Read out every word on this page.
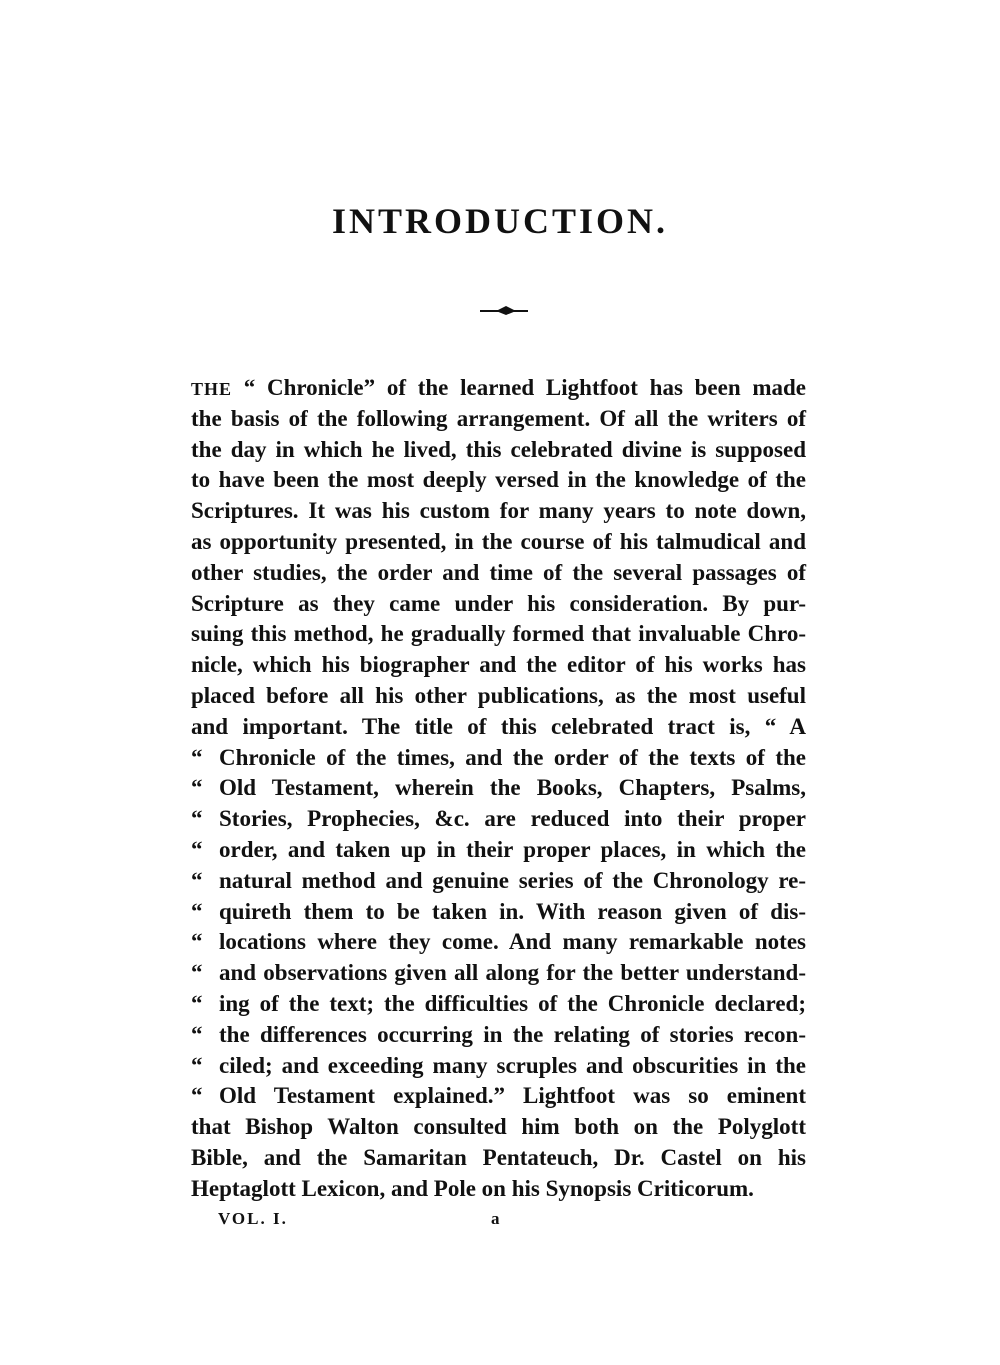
INTRODUCTION.
THE “ Chronicle” of the learned Lightfoot has been made
the basis of the following arrangement. Of all the writers of
the day in which he lived, this celebrated divine is supposed
to have been the most deeply versed in the knowledge of the
Scriptures. It was his custom for many years to note down,
as opportunity presented, in the course of his talmudical and
other studies, the order and time of the several passages of
Scripture as they came under his consideration. By pur-
suing this method, he gradually formed that invaluable Chro-
nicle, which his biographer and the editor of his works has
placed before all his other publications, as the most useful
and important. The title of this celebrated tract is, “ A
“ Chronicle of the times, and the order of the texts of the
“ Old Testament, wherein the Books, Chapters, Psalms,
“ Stories, Prophecies, &c. are reduced into their proper
“ order, and taken up in their proper places, in which the
“ natural method and genuine series of the Chronology re-
“ quireth them to be taken in. With reason given of dis-
“ locations where they come. And many remarkable notes
“ and observations given all along for the better understand-
“ ing of the text; the difficulties of the Chronicle declared;
“ the differences occurring in the relating of stories recon-
“ ciled; and exceeding many scruples and obscurities in the
“ Old Testament explained.” Lightfoot was so eminent
that Bishop Walton consulted him both on the Polyglott
Bible, and the Samaritan Pentateuch, Dr. Castel on his
Heptaglott Lexicon, and Pole on his Synopsis Criticorum.
VOL. I.	a
